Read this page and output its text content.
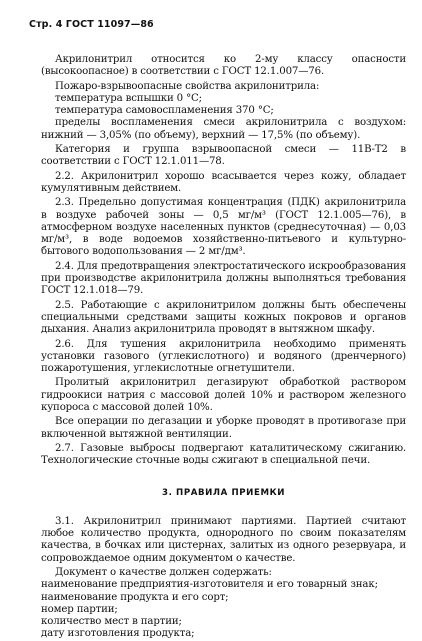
Стр. 4 ГОСТ 11097—86

Акрилонитрил относится ко 2-му классу опасности (высокоопасное) в соответствии с ГОСТ 12.1.007—76.

Пожаро-взрывоопасные свойства акрилонитрила:

температура вспышки 0 °С;

температура самовоспламенения 370 °С;

пределы воспламенения смеси акрилонитрила с воздухом: нижний — 3,05% (по объему), верхний — 17,5% (по объему).

Категория и группа взрывоопасной смеси — 11В-Т2 в соответствии с ГОСТ 12.1.011—78.

2.2. Акрилонитрил хорошо всасывается через кожу, обладает кумулятивным действием.

2.3. Предельно допустимая концентрация (ПДК) акрилонитрила в воздухе рабочей зоны — 0,5 мг/м³ (ГОСТ 12.1.005—76), в атмосферном воздухе населенных пунктов (среднесуточная) — 0,03 мг/м³, в воде водоемов хозяйственно-питьевого и культурно-бытового водопользования — 2 мг/дм³.

2.4. Для предотвращения электростатического искрообразования при производстве акрилонитрила должны выполняться требования ГОСТ 12.1.018—79.

2.5. Работающие с акрилонитрилом должны быть обеспечены специальными средствами защиты кожных покровов и органов дыхания. Анализ акрилонитрила проводят в вытяжном шкафу.

2.6. Для тушения акрилонитрила необходимо применять установки газового (углекислотного) и водяного (дренчерного) пожаротушения, углекислотные огнетушители.

Пролитый акрилонитрил дегазируют обработкой раствором гидроокиси натрия с массовой долей 10% и раствором железного купороса с массовой долей 10%.

Все операции по дегазации и уборке проводят в противогазе при включенной вытяжной вентиляции.

2.7. Газовые выбросы подвергают каталитическому сжиганию. Технологические сточные воды сжигают в специальной печи.

3. ПРАВИЛА ПРИЕМКИ

3.1. Акрилонитрил принимают партиями. Партией считают любое количество продукта, однородного по своим показателям качества, в бочках или цистернах, залитых из одного резервуара, и сопровождаемое одним документом о качестве.

Документ о качестве должен содержать:

наименование предприятия-изготовителя и его товарный знак;

наименование продукта и его сорт;

номер партии;

количество мест в партии;

дату изготовления продукта;
